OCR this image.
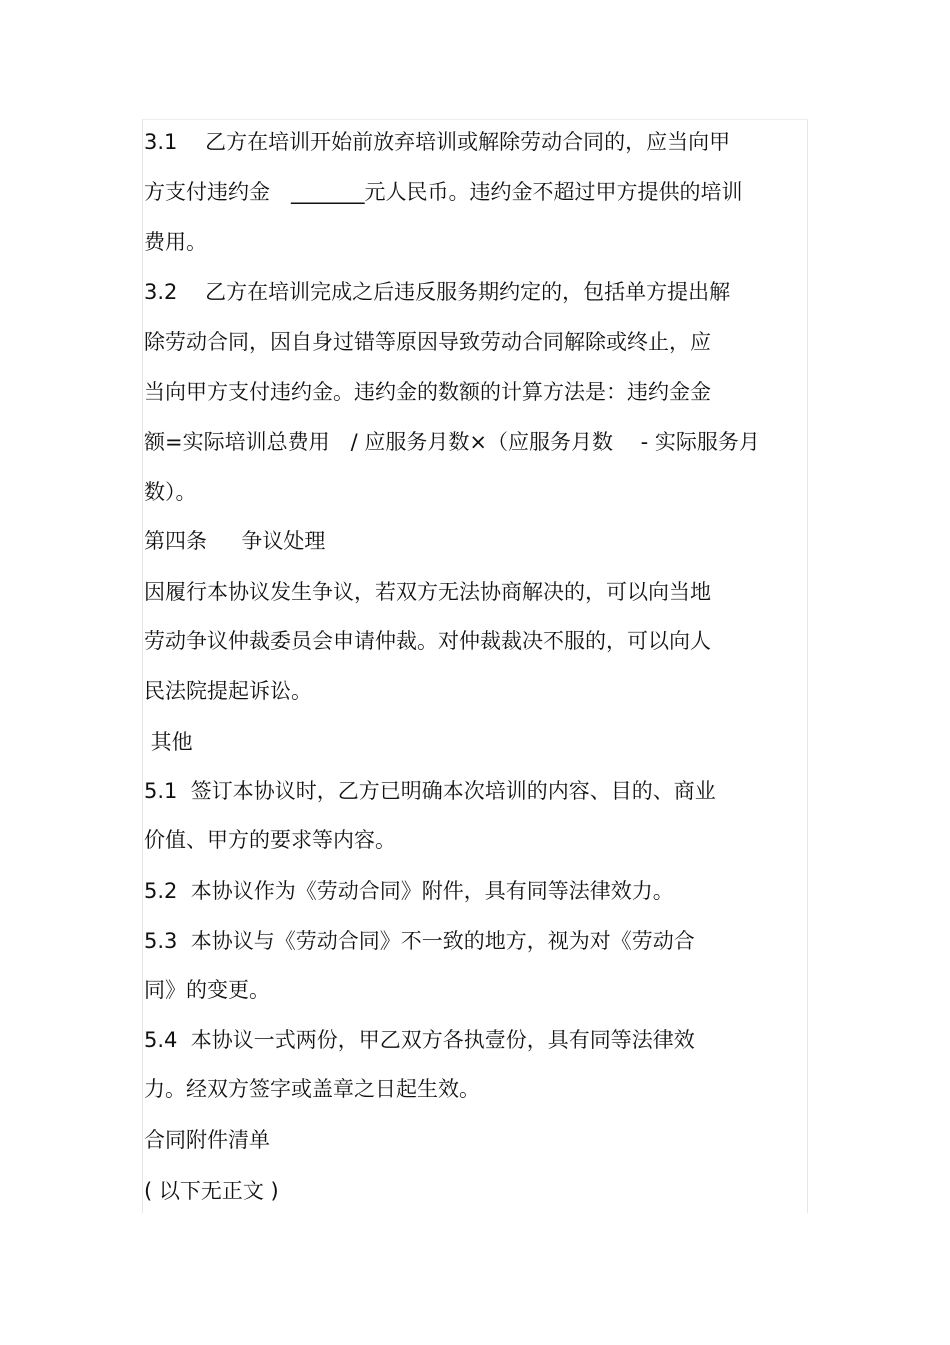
3.1　 乙方在培训开始前放弃培训或解除劳动合同的，应当向甲
方支付违约金　_______元人民币。违约金不超过甲方提供的培训
费用。
3.2　 乙方在培训完成之后违反服务期约定的，包括单方提出解
除劳动合同，因自身过错等原因导致劳动合同解除或终止，应
当向甲方支付违约金。违约金的数额的计算方法是：违约金金
额=实际培训总费用　/ 应服务月数×（应服务月数　 - 实际服务月
数）。
第四条　  争议处理
因履行本协议发生争议，若双方无法协商解决的，可以向当地
劳动争议仲裁委员会申请仲裁。对仲裁裁决不服的，可以向人
民法院提起诉讼。
其他
5.1  签订本协议时，乙方已明确本次培训的内容、目的、商业
价值、甲方的要求等内容。
5.2  本协议作为《劳动合同》附件，具有同等法律效力。
5.3  本协议与《劳动合同》不一致的地方，视为对《劳动合
同》的变更。
5.4  本协议一式两份，甲乙双方各执壹份，具有同等法律效
力。经双方签字或盖章之日起生效。
合同附件清单
( 以下无正文 )
